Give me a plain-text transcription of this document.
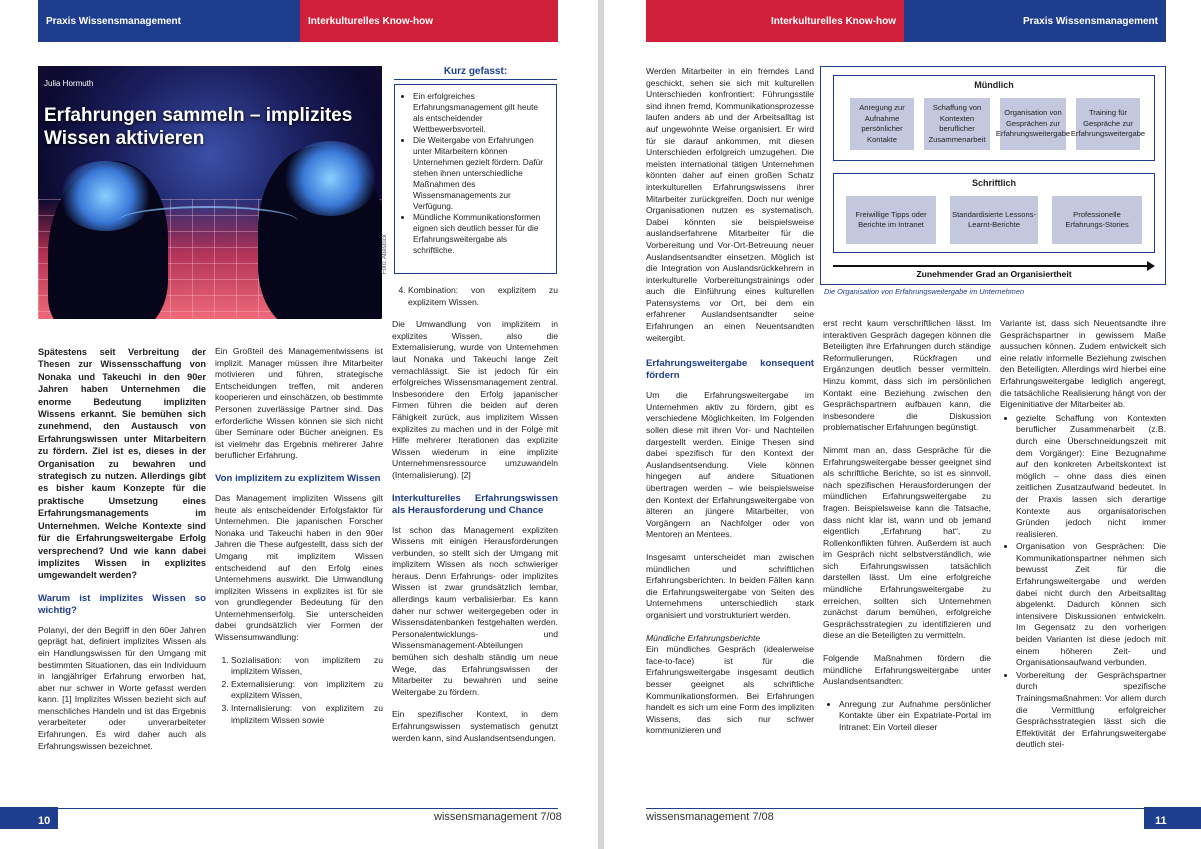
Praxis Wissensmanagement	Interkulturelles Know-how
Julia Hormuth
Erfahrungen sammeln – implizites Wissen aktivieren
Foto: Abestock
Kurz gefasst:
• Ein erfolgreiches Erfahrungsmanagement gilt heute als entscheidender Wettbewerbsvorteil.
• Die Weitergabe von Erfahrungen unter Mitarbeitern können Unternehmen gezielt fördern. Dafür stehen ihnen unterschiedliche Maßnahmen des Wissensmanagements zur Verfügung.
• Mündliche Kommunikationsformen eignen sich deutlich besser für die Erfahrungsweitergabe als schriftliche.

Spätestens seit Verbreitung der Thesen zur Wissensschaffung von Nonaka und Takeuchi in den 90er Jahren haben Unternehmen die enorme Bedeutung impliziten Wissens erkannt. Sie bemühen sich zunehmend, den Austausch von Erfahrungswissen unter Mitarbeitern zu fördern. Ziel ist es, dieses in der Organisation zu bewahren und strategisch zu nutzen. Allerdings gibt es bisher kaum Konzepte für die praktische Umsetzung eines Erfahrungsmanagements im Unternehmen. Welche Kontexte sind für die Erfahrungsweitergabe Erfolg versprechend? Und wie kann dabei implizites Wissen in explizites umgewandelt werden?

Warum ist implizites Wissen so wichtig?

Polanyi, der den Begriff in den 60er Jahren geprägt hat, definiert implizites Wissen als ein Handlungswissen für den Umgang mit bestimmten Situationen, das ein Individuum in langjähriger Erfahrung erworben hat, aber nur schwer in Worte gefasst werden kann. [1] Implizites Wissen bezieht sich auf menschliches Handeln und ist das Ergebnis verarbeiteter oder unverarbeiteter Erfahrungen. Es wird daher auch als Erfahrungswissen bezeichnet.

Ein Großteil des Managementwissens ist implizit. Manager müssen ihre Mitarbeiter motivieren und führen, strategische Entscheidungen treffen, mit anderen kooperieren und einschätzen, ob bestimmte Personen zuverlässige Partner sind. Das erforderliche Wissen können sie sich nicht über Seminare oder Bücher aneignen. Es ist vielmehr das Ergebnis mehrerer Jahre beruflicher Erfahrung.

Von implizitem zu explizitem Wissen

Das Management impliziten Wissens gilt heute als entscheidender Erfolgsfaktor für Unternehmen. Die japanischen Forscher Nonaka und Takeuchi haben in den 90er Jahren die These aufgestellt, dass sich der Umgang mit implizitem Wissen entscheidend auf den Erfolg eines Unternehmens auswirkt. Die Umwandlung impliziten Wissens in explizites ist für sie von grundlegender Bedeutung für den Unternehmenserfolg. Sie unterscheiden dabei grundsätzlich vier Formen der Wissensumwandlung:

1. Sozialisation: von implizitem zu implizitem Wissen,
2. Externalisierung: von implizitem zu explizitem Wissen,
3. Internalisierung: von explizitem zu implizitem Wissen sowie
4. Kombination: von explizitem zu explizitem Wissen.

Die Umwandlung von implizitem in explizites Wissen, also die Externalisierung, wurde von Unternehmen laut Nonaka und Takeuchi lange Zeit vernachlässigt. Sie ist jedoch für ein erfolgreiches Wissensmanagement zentral. Insbesondere den Erfolg japanischer Firmen führen die beiden auf deren Fähigkeit zurück, aus implizitem Wissen explizites zu machen und in der Folge mit Hilfe mehrerer Iterationen das explizite Wissen wiederum in eine implizite Unternehmensressource umzuwandeln (Internalisierung). [2]

Interkulturelles Erfahrungswissen als Herausforderung und Chance

Ist schon das Management expliziten Wissens mit einigen Herausforderungen verbunden, so stellt sich der Umgang mit implizitem Wissen als noch schwieriger heraus. Denn Erfahrungs- oder implizites Wissen ist zwar grundsätzlich lernbar, allerdings kaum verbalisierbar. Es kann daher nur schwer weitergegeben oder in Wissensdatenbanken festgehalten werden. Personalentwicklungs- und Wissensmanagement-Abteilungen bemühen sich deshalb ständig um neue Wege, das Erfahrungswissen der Mitarbeiter zu bewahren und seine Weitergabe zu fördern.

Ein spezifischer Kontext, in dem Erfahrungswissen systematisch genutzt werden kann, sind Auslandsentsendungen.

10	wissensmanagement 7/08
Interkulturelles Know-how	Praxis Wissensmanagement

Werden Mitarbeiter in ein fremdes Land geschickt, sehen sie sich mit kulturellen Unterschieden konfrontiert: Führungsstile sind ihnen fremd, Kommunikationsprozesse laufen anders ab und der Arbeitsalltag ist auf ungewohnte Weise organisiert. Er wird für sie darauf ankommen, mit diesen Unterschieden erfolgreich umzugehen. Die meisten international tätigen Unternehmen könnten daher auf einen großen Schatz interkulturellen Erfahrungswissens ihrer Mitarbeiter zurückgreifen. Doch nur wenige Organisationen nutzen es systematisch. Dabei könnten sie beispielsweise auslandserfahrene Mitarbeiter für die Vorbereitung und Vor-Ort-Betreuung neuer Auslandsentsandter einsetzen. Möglich ist die Integration von Auslandsrückkehrern in interkulturelle Vorbereitungstrainings oder auch die Einführung eines kulturellen Patensystems vor Ort, bei dem ein erfahrener Auslandsentsandter seine Erfahrungen an einen Neuentsandten weitergibt.

Erfahrungsweitergabe konsequent fördern

Um die Erfahrungsweitergabe im Unternehmen aktiv zu fördern, gibt es verschiedene Möglichkeiten. Im Folgenden sollen diese mit ihren Vor- und Nachteilen dargestellt werden. Einige Thesen sind dabei spezifisch für den Kontext der Auslandsentsendung. Viele können hingegen auf andere Situationen übertragen werden – wie beispielsweise den Kontext der Erfahrungsweitergabe von älteren an jüngere Mitarbeiter, von Vorgängern an Nachfolger oder von Mentoren an Mentees.

Insgesamt unterscheidet man zwischen mündlichen und schriftlichen Erfahrungsberichten. In beiden Fällen kann die Erfahrungsweitergabe von Seiten des Unternehmens unterschiedlich stark organisiert und vorstrukturiert werden.

Mündliche Erfahrungsberichte

Ein mündliches Gespräch (idealerweise face-to-face) ist für die Erfahrungsweitergabe insgesamt deutlich besser geeignet als schriftliche Kommunikationsformen. Bei Erfahrungen handelt es sich um eine Form des impliziten Wissens, das sich nur schwer kommunizieren und

erst recht kaum verschriftlichen lässt. Im interaktiven Gespräch dagegen können die Beteiligten ihre Erfahrungen durch ständige Reformulierungen, Rückfragen und Ergänzungen deutlich besser vermitteln. Hinzu kommt, dass sich im persönlichen Kontakt eine Beziehung zwischen den Gesprächspartnern aufbauen kann, die insbesondere die Diskussion problematischer Erfahrungen begünstigt.

Nimmt man an, dass Gespräche für die Erfahrungsweitergabe besser geeignet sind als schriftliche Berichte, so ist es sinnvoll, nach spezifischen Herausforderungen der mündlichen Erfahrungsweitergabe zu fragen. Beispielsweise kann die Tatsache, dass nicht klar ist, wann und ob jemand eigentlich „Erfahrung hat“, zu Rollenkonflikten führen. Außerdem ist auch im Gespräch nicht selbstverständlich, wie sich Erfahrungswissen tatsächlich darstellen lässt. Um eine erfolgreiche mündliche Erfahrungsweitergabe zu erreichen, sollten sich Unternehmen zunächst darum bemühen, erfolgreiche Gesprächsstrategien zu identifizieren und diese an die Beteiligten zu vermitteln.

Folgende Maßnahmen fördern die mündliche Erfahrungsweitergabe unter Auslandsentsandten:

• Anregung zur Aufnahme persönlicher Kontakte über ein Expatriate-Portal im Intranet: Ein Vorteil dieser

Variante ist, dass sich Neuentsandte ihre Gesprächspartner in gewissem Maße aussuchen können. Zudem entwickelt sich eine relativ informelle Beziehung zwischen den Beteiligten. Allerdings wird hierbei eine Erfahrungsweitergabe lediglich angeregt, die tatsächliche Realisierung hängt von der Eigeninitiative der Mitarbeiter ab.

• gezielte Schaffung von Kontexten beruflicher Zusammenarbeit (z.B. durch eine Überschneidungszeit mit dem Vorgänger): Eine Bezugnahme auf den konkreten Arbeitskontext ist möglich – ohne dass dies einen zeitlichen Zusatzaufwand bedeutet. In der Praxis lassen sich derartige Kontexte aus organisatorischen Gründen jedoch nicht immer realisieren.
• Organisation von Gesprächen: Die Kommunikationspartner nehmen sich bewusst Zeit für die Erfahrungsweitergabe und werden dabei nicht durch den Arbeitsalltag abgelenkt. Dadurch können sich intensivere Diskussionen entwickeln. Im Gegensatz zu den vorherigen beiden Varianten ist diese jedoch mit einem höheren Zeit- und Organisationsaufwand verbunden.
• Vorbereitung der Gesprächspartner durch spezifische Trainingsmaßnahmen: Vor allem durch die Vermittlung erfolgreicher Gesprächsstrategien lässt sich die Effektivität der Erfahrungsweitergabe deutlich stei-
wissensmanagement 7/08	11
Mündlich
Anregung zur Aufnahme persönlicher Kontakte
Schaffung von Kontexten beruflicher Zusammenarbeit
Organisation von Gesprächen zur Erfahrungsweitergabe
Training für Gespräche zur Erfahrungsweitergabe
Schriftlich
Freiwillige Tipps oder Berichte im Intranet
Standardisierte Lessons-Learnt-Berichte
Professionelle Erfahrungs-Stories
Zunehmender Grad an Organisiertheit
Die Organisation von Erfahrungsweitergabe im Unternehmen
